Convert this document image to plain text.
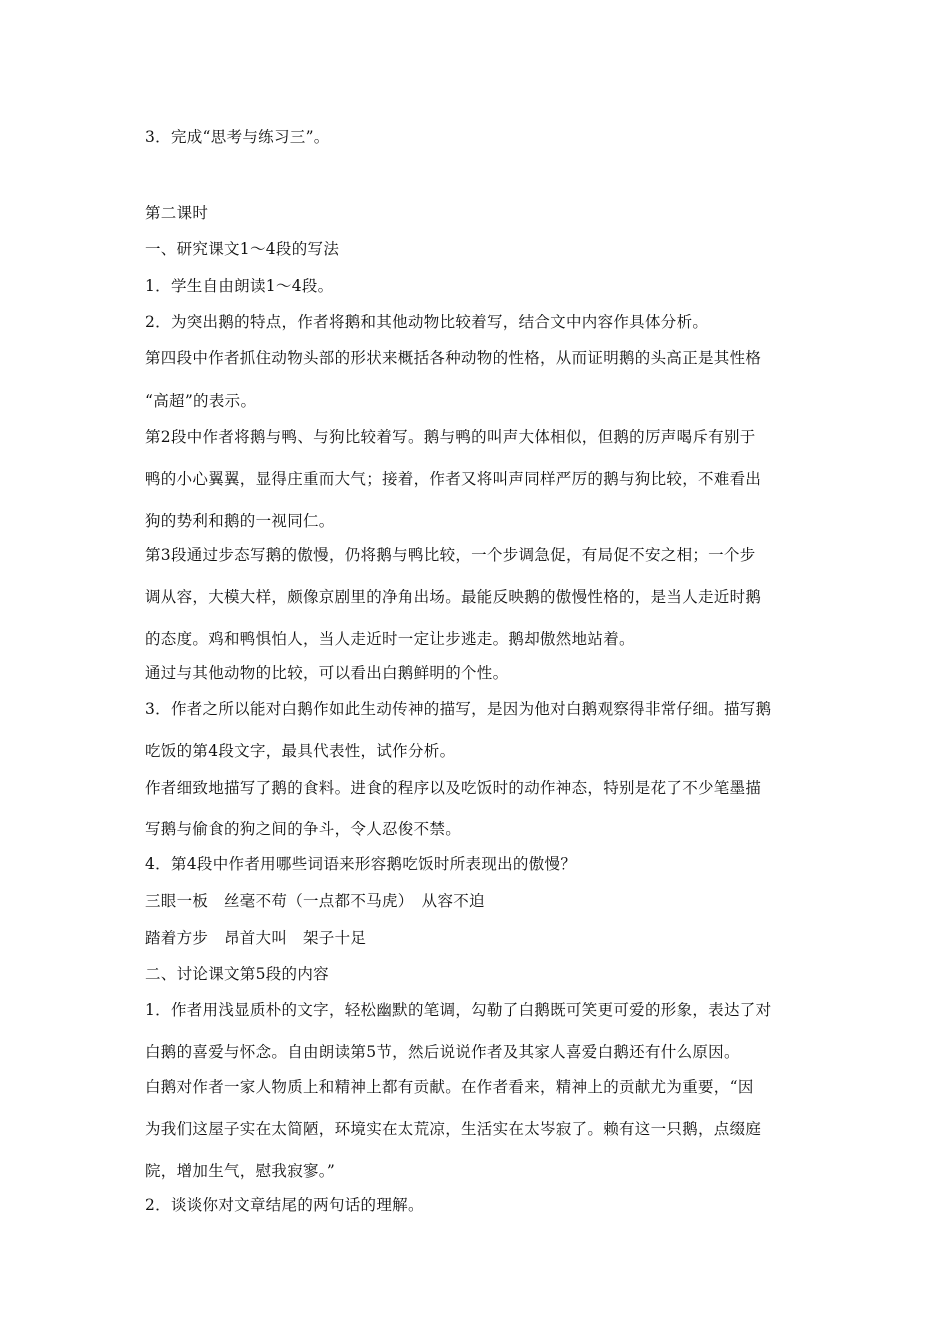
3．完成“思考与练习三”。
第二课时
一、研究课文1～4段的写法
1．学生自由朗读1～4段。
2．为突出鹅的特点，作者将鹅和其他动物比较着写，结合文中内容作具体分析。
第四段中作者抓住动物头部的形状来概括各种动物的性格，从而证明鹅的头高正是其性格
“高超”的表示。
第2段中作者将鹅与鸭、与狗比较着写。鹅与鸭的叫声大体相似，但鹅的厉声喝斥有别于
鸭的小心翼翼，显得庄重而大气；接着，作者又将叫声同样严厉的鹅与狗比较，不难看出
狗的势利和鹅的一视同仁。
第3段通过步态写鹅的傲慢，仍将鹅与鸭比较，一个步调急促，有局促不安之相；一个步
调从容，大模大样，颇像京剧里的净角出场。最能反映鹅的傲慢性格的，是当人走近时鹅
的态度。鸡和鸭惧怕人，当人走近时一定让步逃走。鹅却傲然地站着。
通过与其他动物的比较，可以看出白鹅鲜明的个性。
3．作者之所以能对白鹅作如此生动传神的描写，是因为他对白鹅观察得非常仔细。描写鹅
吃饭的第4段文字，最具代表性，试作分析。
作者细致地描写了鹅的食料。进食的程序以及吃饭时的动作神态，特别是花了不少笔墨描
写鹅与偷食的狗之间的争斗，令人忍俊不禁。
4．第4段中作者用哪些词语来形容鹅吃饭时所表现出的傲慢？
三眼一板　丝毫不苟（一点都不马虎）　从容不迫
踏着方步　昂首大叫　架子十足
二、讨论课文第5段的内容
1．作者用浅显质朴的文字，轻松幽默的笔调，勾勒了白鹅既可笑更可爱的形象，表达了对
白鹅的喜爱与怀念。自由朗读第5节，然后说说作者及其家人喜爱白鹅还有什么原因。
白鹅对作者一家人物质上和精神上都有贡献。在作者看来，精神上的贡献尤为重要，“因
为我们这屋子实在太简陋，环境实在太荒凉，生活实在太岑寂了。赖有这一只鹅，点缀庭
院，增加生气，慰我寂寥。”
2．谈谈你对文章结尾的两句话的理解。
